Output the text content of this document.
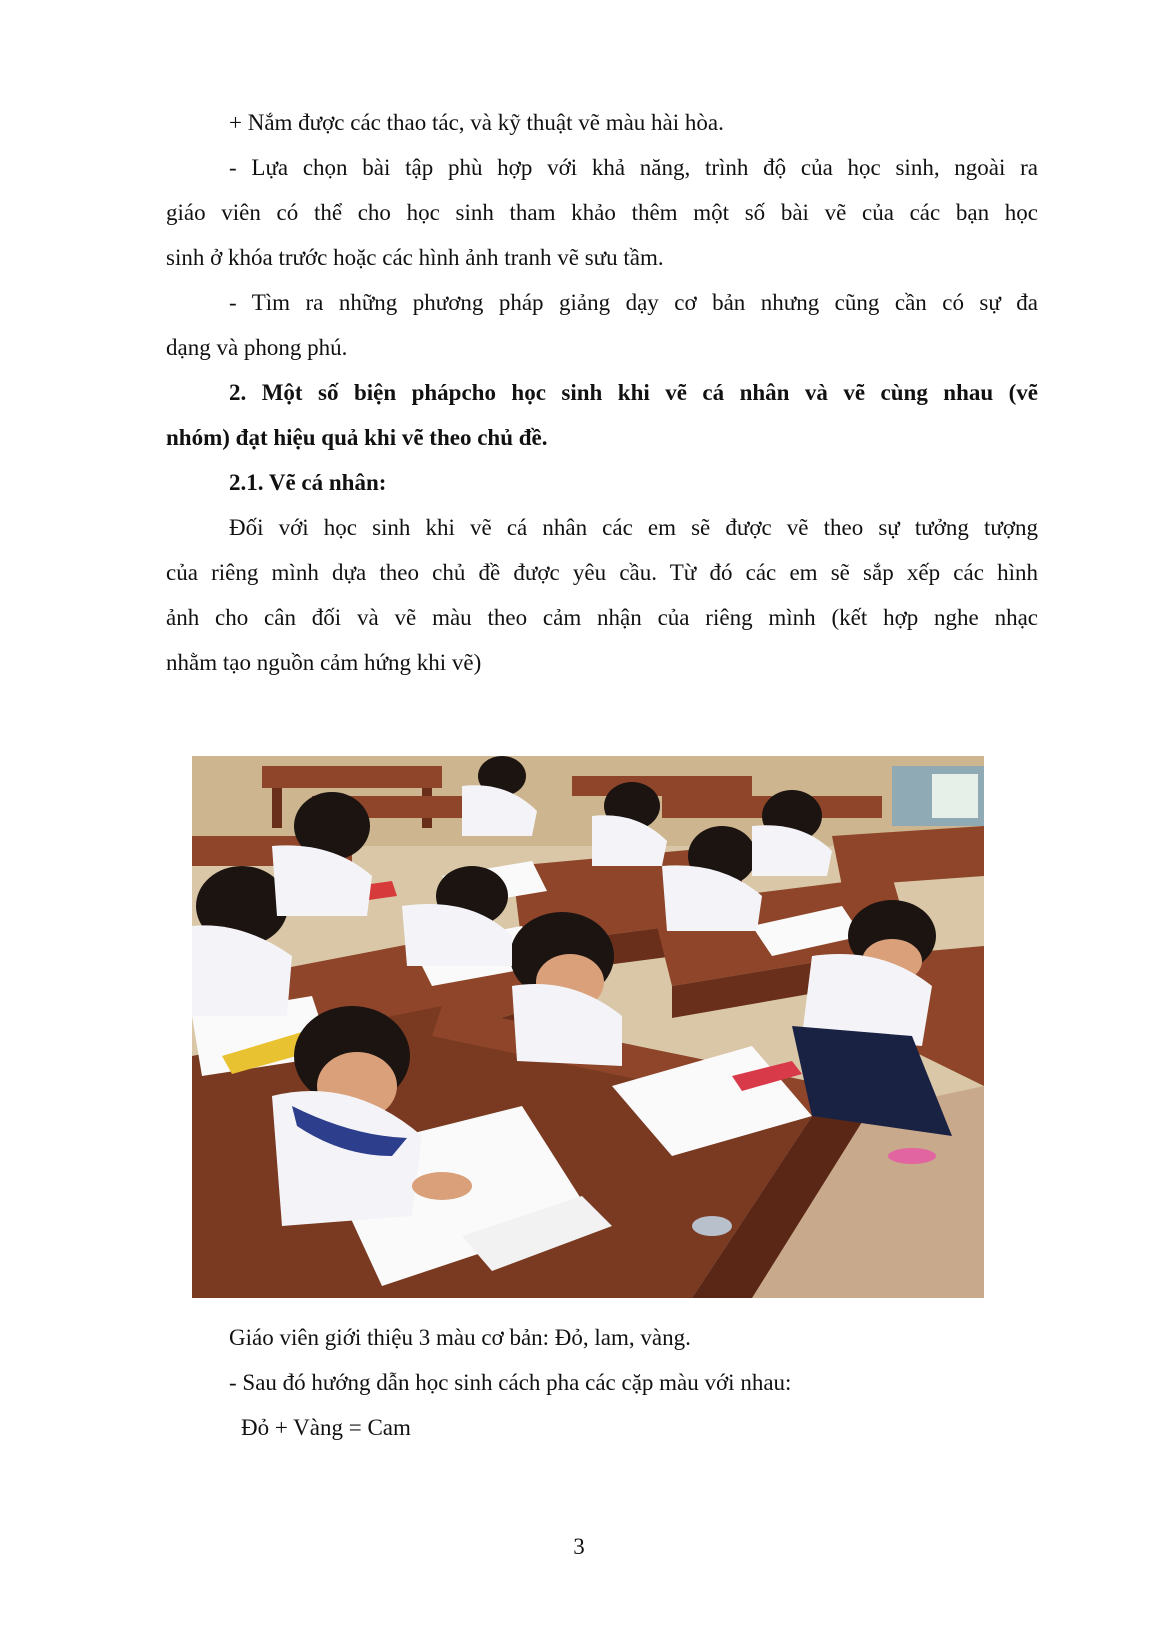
+ Nắm được các thao tác, và kỹ thuật vẽ màu hài hòa.
- Lựa chọn bài tập phù hợp với khả năng, trình độ của học sinh, ngoài ra
giáo viên có thể cho học sinh tham khảo thêm một số bài vẽ của các bạn học
sinh ở khóa trước hoặc các hình ảnh tranh vẽ sưu tầm.
- Tìm ra những phương pháp giảng dạy cơ bản nhưng cũng cần có sự đa
dạng và phong phú.
2. Một số biện phápcho học sinh khi vẽ cá nhân và vẽ cùng nhau (vẽ
nhóm) đạt hiệu quả khi vẽ theo chủ đề.
2.1. Vẽ cá nhân:
Đối với học sinh khi vẽ cá nhân các em sẽ được vẽ theo sự tưởng tượng
của riêng mình dựa theo chủ đề được yêu cầu. Từ đó các em sẽ sắp xếp các hình
ảnh cho cân đối và vẽ màu theo cảm nhận của riêng mình (kết hợp nghe nhạc
nhằm tạo nguồn cảm hứng khi vẽ)
Giáo viên giới thiệu 3 màu cơ bản: Đỏ, lam, vàng.
- Sau đó hướng dẫn học sinh cách pha các cặp màu với nhau:
Đỏ + Vàng = Cam
3
